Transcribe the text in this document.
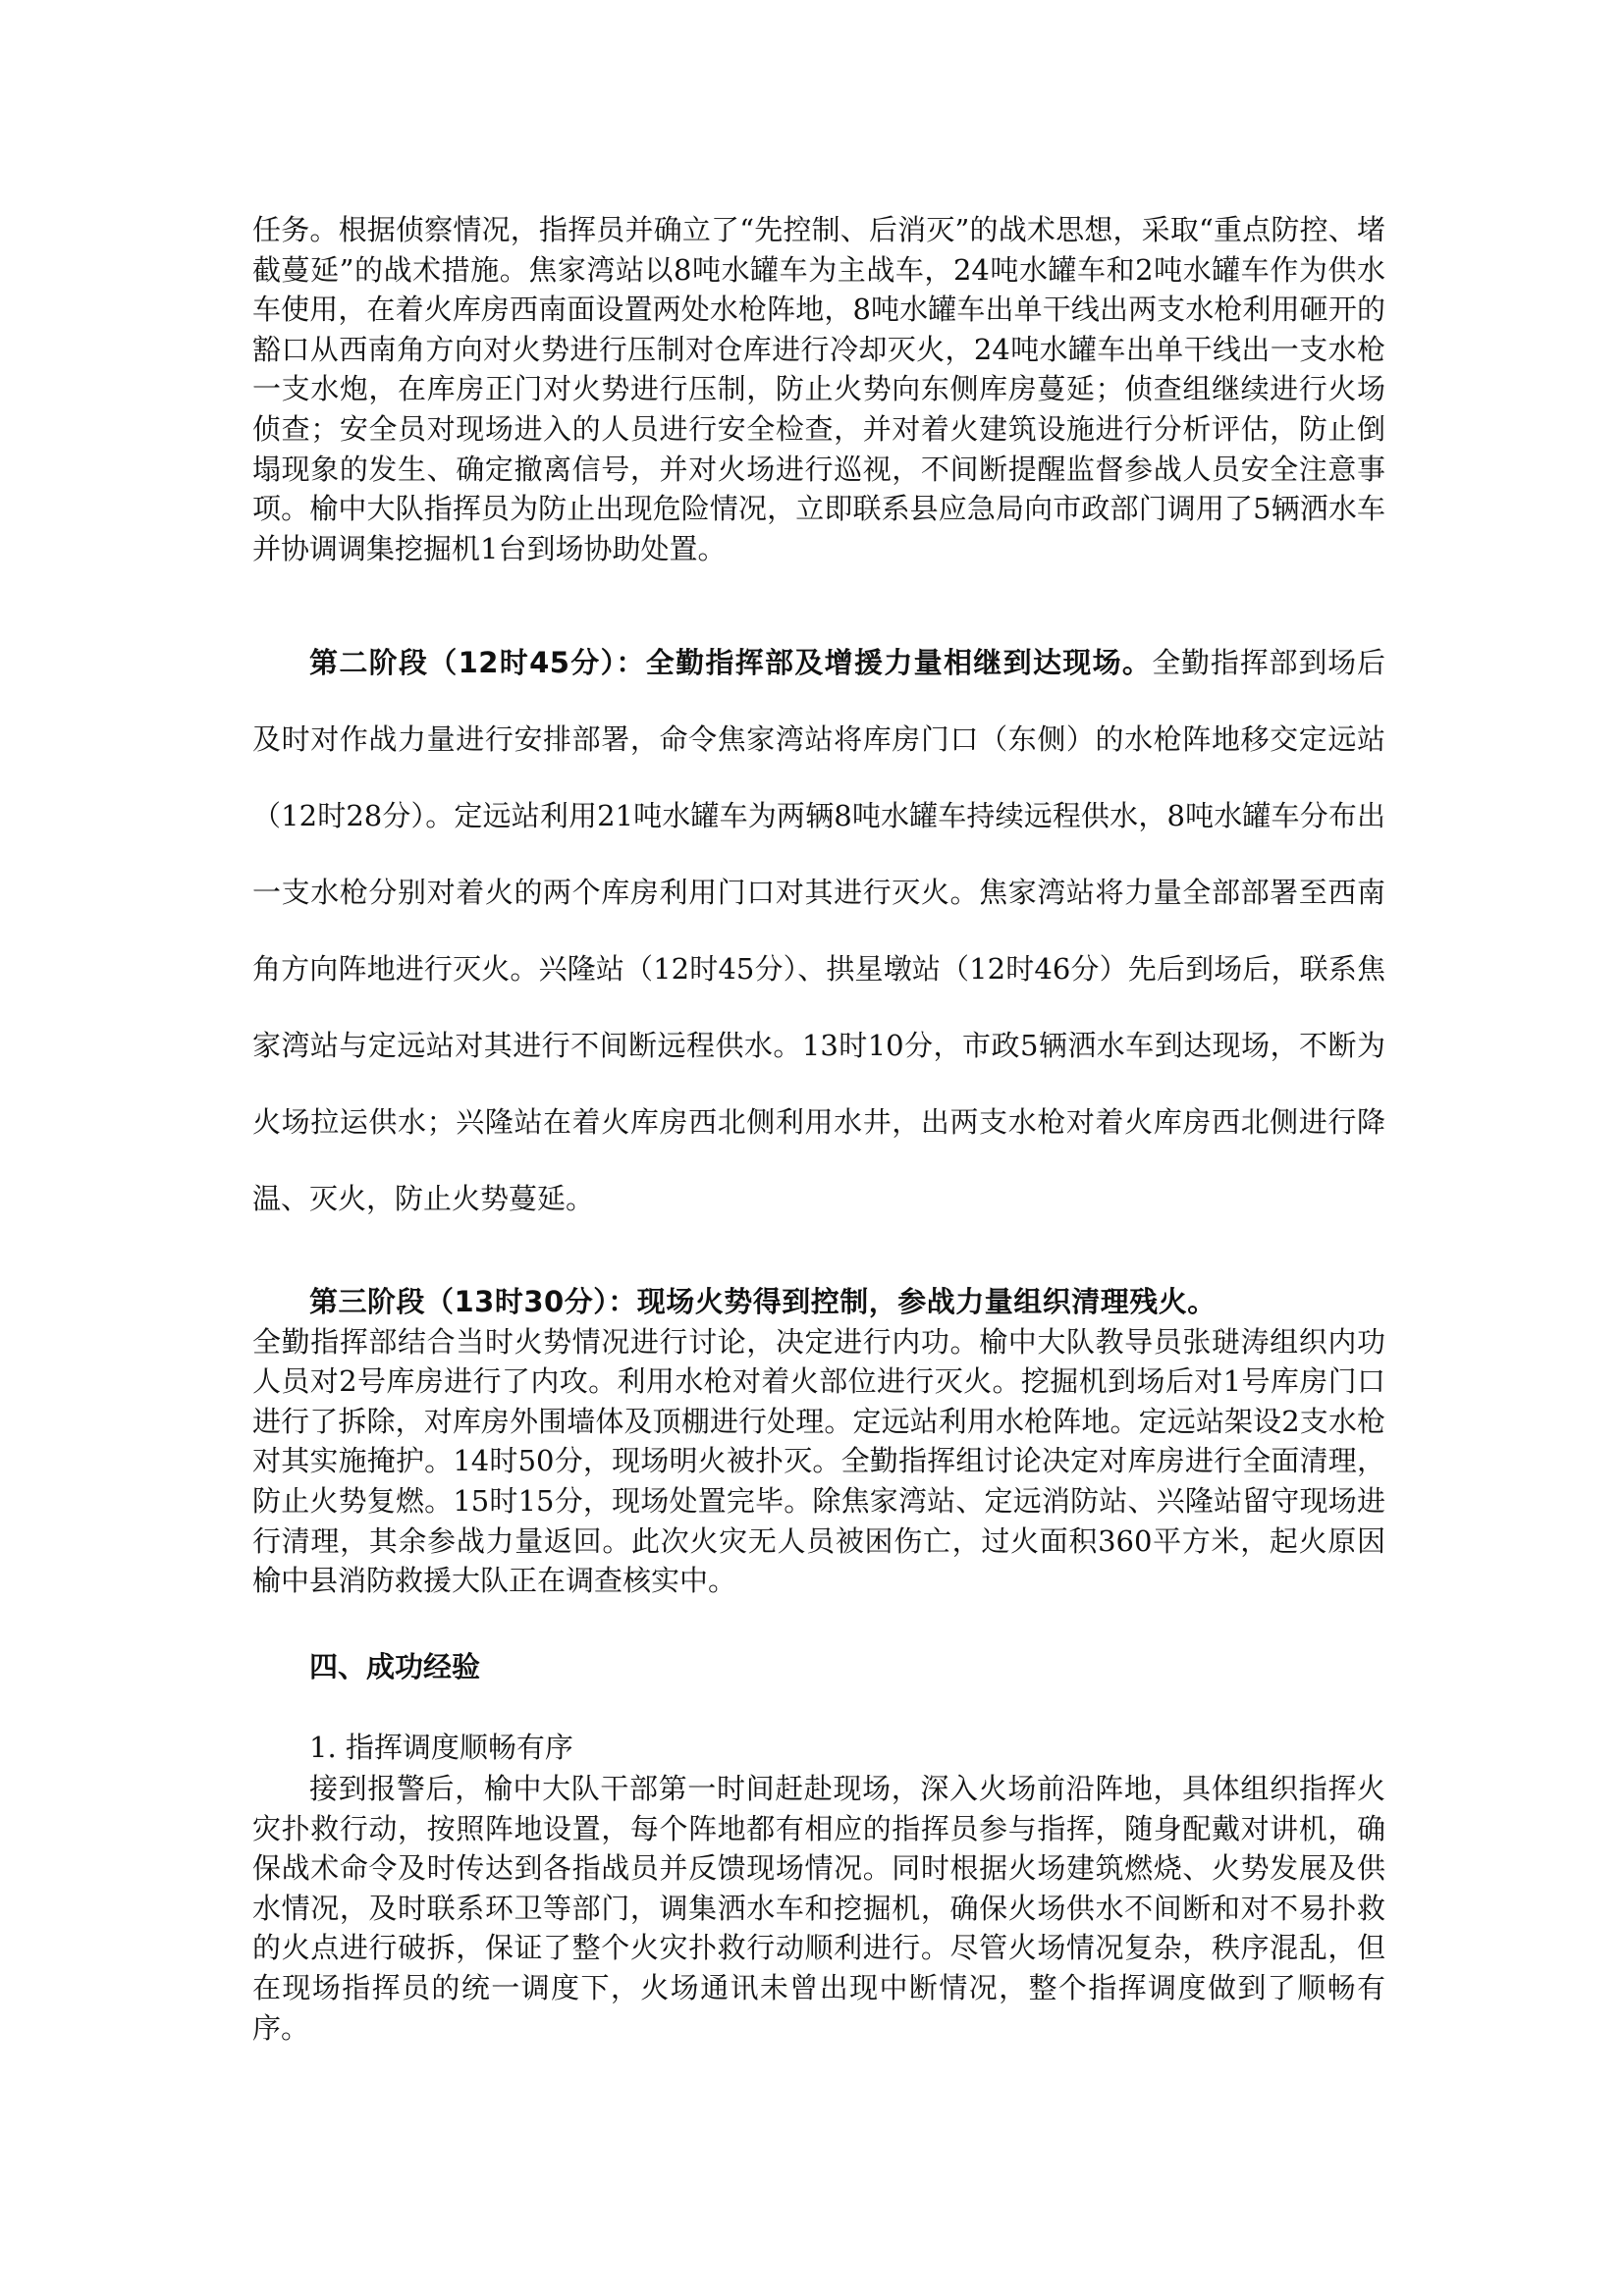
任务。根据侦察情况，指挥员并确立了“先控制、后消灭”的战术思想，采取“重点防控、堵截蔓延”的战术措施。焦家湾站以8吨水罐车为主战车，24吨水罐车和2吨水罐车作为供水车使用，在着火库房西南面设置两处水枪阵地，8吨水罐车出单干线出两支水枪利用砸开的豁口从西南角方向对火势进行压制对仓库进行冷却灭火，24吨水罐车出单干线出一支水枪一支水炮，在库房正门对火势进行压制，防止火势向东侧库房蔓延；侦查组继续进行火场侦查；安全员对现场进入的人员进行安全检查，并对着火建筑设施进行分析评估，防止倒塌现象的发生、确定撤离信号，并对火场进行巡视，不间断提醒监督参战人员安全注意事项。榆中大队指挥员为防止出现危险情况，立即联系县应急局向市政部门调用了5辆洒水车并协调调集挖掘机1台到场协助处置。

第二阶段（12时45分）：全勤指挥部及增援力量相继到达现场。全勤指挥部到场后及时对作战力量进行安排部署，命令焦家湾站将库房门口（东侧）的水枪阵地移交定远站（12时28分）。定远站利用21吨水罐车为两辆8吨水罐车持续远程供水，8吨水罐车分布出一支水枪分别对着火的两个库房利用门口对其进行灭火。焦家湾站将力量全部部署至西南角方向阵地进行灭火。兴隆站（12时45分）、拱星墩站（12时46分）先后到场后，联系焦家湾站与定远站对其进行不间断远程供水。13时10分，市政5辆洒水车到达现场，不断为火场拉运供水；兴隆站在着火库房西北侧利用水井，出两支水枪对着火库房西北侧进行降温、灭火，防止火势蔓延。

第三阶段（13时30分）：现场火势得到控制，参战力量组织清理残火。
全勤指挥部结合当时火势情况进行讨论，决定进行内功。榆中大队教导员张琎涛组织内功人员对2号库房进行了内攻。利用水枪对着火部位进行灭火。挖掘机到场后对1号库房门口进行了拆除，对库房外围墙体及顶棚进行处理。定远站利用水枪阵地。定远站架设2支水枪对其实施掩护。14时50分，现场明火被扑灭。全勤指挥组讨论决定对库房进行全面清理，防止火势复燃。15时15分，现场处置完毕。除焦家湾站、定远消防站、兴隆站留守现场进行清理，其余参战力量返回。此次火灾无人员被困伤亡，过火面积360平方米，起火原因榆中县消防救援大队正在调查核实中。

四、成功经验

1. 指挥调度顺畅有序

接到报警后，榆中大队干部第一时间赶赴现场，深入火场前沿阵地，具体组织指挥火灾扑救行动，按照阵地设置，每个阵地都有相应的指挥员参与指挥，随身配戴对讲机，确保战术命令及时传达到各指战员并反馈现场情况。同时根据火场建筑燃烧、火势发展及供水情况，及时联系环卫等部门，调集洒水车和挖掘机，确保火场供水不间断和对不易扑救的火点进行破拆，保证了整个火灾扑救行动顺利进行。尽管火场情况复杂，秩序混乱，但在现场指挥员的统一调度下，火场通讯未曾出现中断情况，整个指挥调度做到了顺畅有序。
